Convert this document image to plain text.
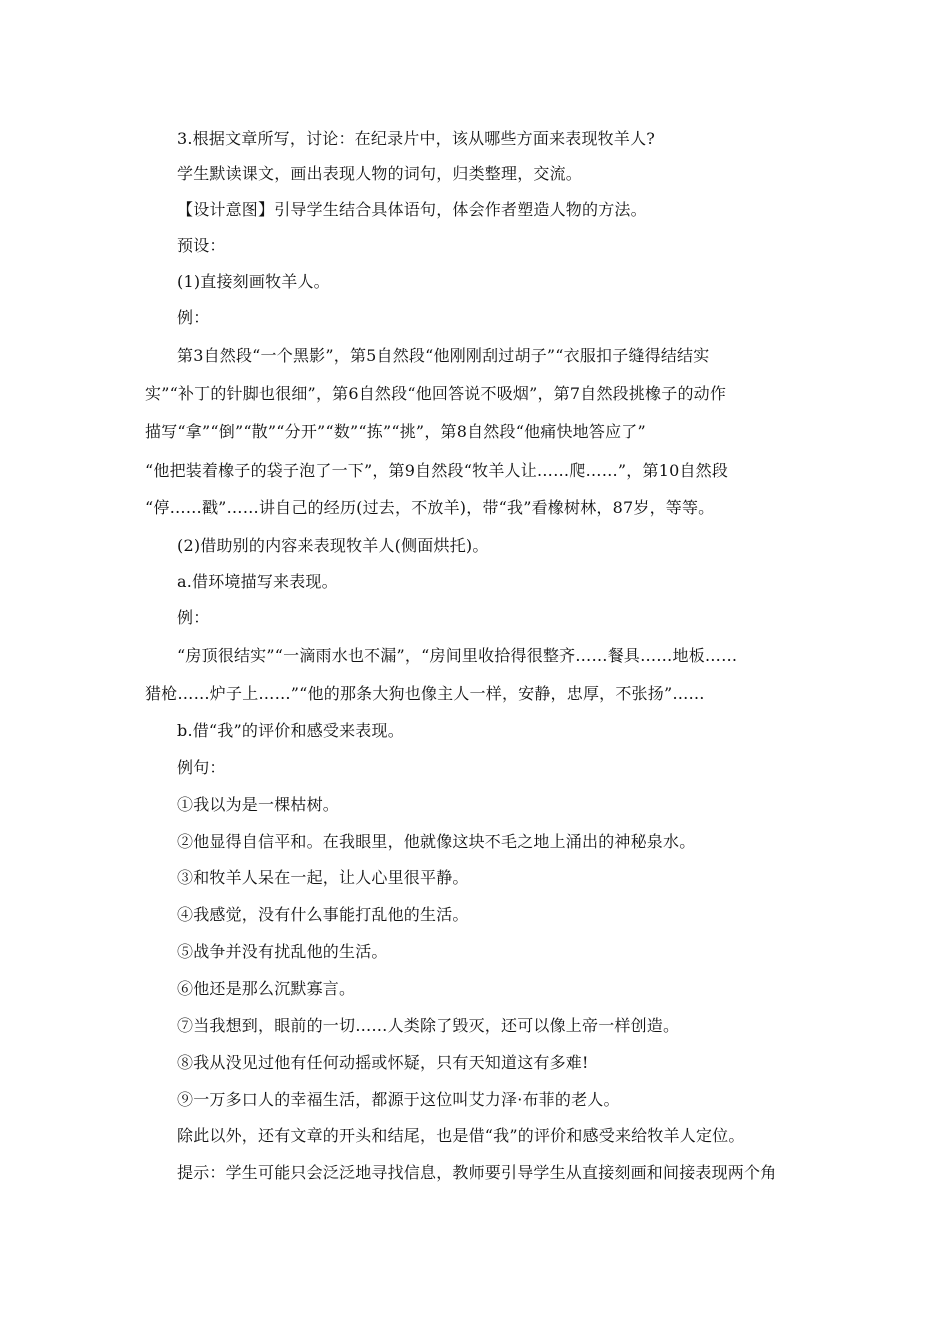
3.根据文章所写，讨论：在纪录片中，该从哪些方面来表现牧羊人?
学生默读课文，画出表现人物的词句，归类整理，交流。
【设计意图】引导学生结合具体语句，体会作者塑造人物的方法。
预设：
(1)直接刻画牧羊人。
例：
第3自然段“一个黑影”，第5自然段“他刚刚刮过胡子”“衣服扣子缝得结结实
实”“补丁的针脚也很细”，第6自然段“他回答说不吸烟”，第7自然段挑橡子的动作
描写“拿”“倒”“散”“分开”“数”“拣”“挑”，第8自然段“他痛快地答应了”
“他把装着橡子的袋子泡了一下”，第9自然段“牧羊人让……爬……”，第10自然段
“停……戳”……讲自己的经历(过去，不放羊)，带“我”看橡树林，87岁，等等。
(2)借助别的内容来表现牧羊人(侧面烘托)。
a.借环境描写来表现。
例：
“房顶很结实”“一滴雨水也不漏”，“房间里收拾得很整齐……餐具……地板……
猎枪……炉子上……”“他的那条大狗也像主人一样，安静，忠厚，不张扬”……
b.借“我”的评价和感受来表现。
例句：
①我以为是一棵枯树。
②他显得自信平和。在我眼里，他就像这块不毛之地上涌出的神秘泉水。
③和牧羊人呆在一起，让人心里很平静。
④我感觉，没有什么事能打乱他的生活。
⑤战争并没有扰乱他的生活。
⑥他还是那么沉默寡言。
⑦当我想到，眼前的一切……人类除了毁灭，还可以像上帝一样创造。
⑧我从没见过他有任何动摇或怀疑，只有天知道这有多难!
⑨一万多口人的幸福生活，都源于这位叫艾力泽·布菲的老人。
除此以外，还有文章的开头和结尾，也是借“我”的评价和感受来给牧羊人定位。
提示：学生可能只会泛泛地寻找信息，教师要引导学生从直接刻画和间接表现两个角
